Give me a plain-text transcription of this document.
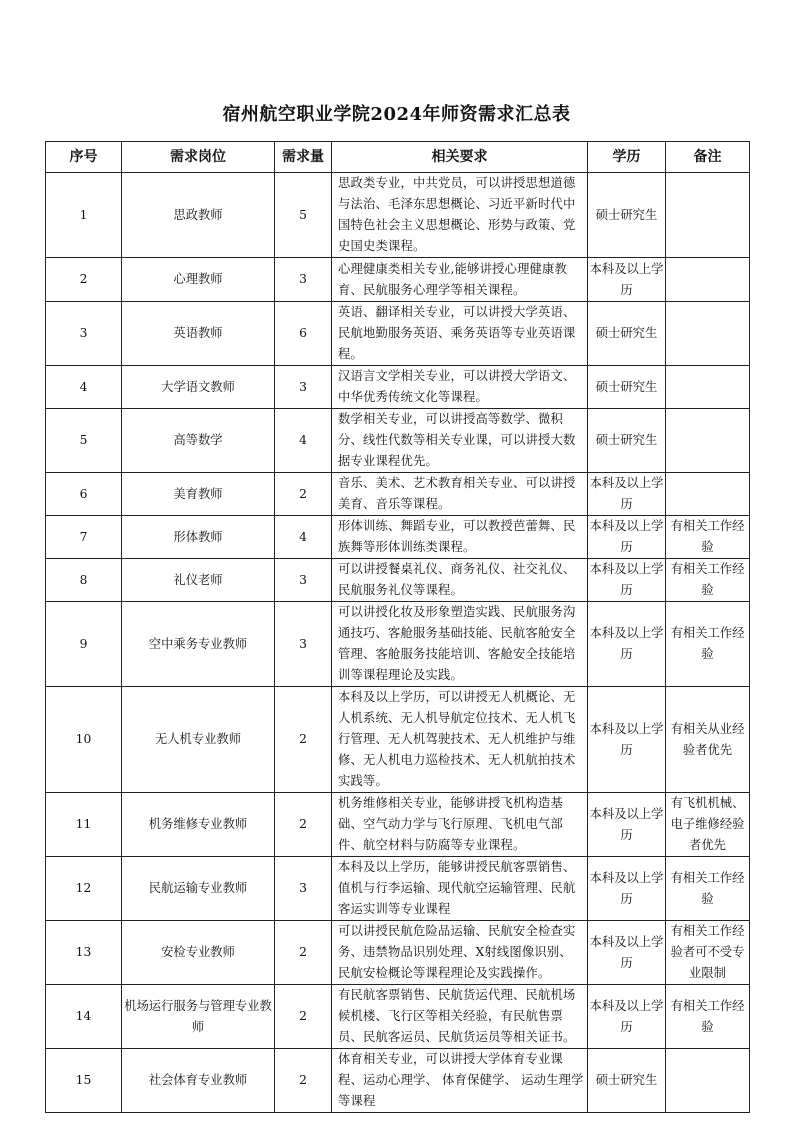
宿州航空职业学院2024年师资需求汇总表
序号	需求岗位	需求量	相关要求	学历	备注
1	思政教师	5	思政类专业，中共党员，可以讲授思想道德与法治、毛泽东思想概论、习近平新时代中国特色社会主义思想概论、形势与政策、党史国史类课程。	硕士研究生	
2	心理教师	3	心理健康类相关专业,能够讲授心理健康教育、民航服务心理学等相关课程。	本科及以上学历	
3	英语教师	6	英语、翻译相关专业，可以讲授大学英语、民航地勤服务英语、乘务英语等专业英语课程。	硕士研究生	
4	大学语文教师	3	汉语言文学相关专业，可以讲授大学语文、中华优秀传统文化等课程。	硕士研究生	
5	高等数学	4	数学相关专业，可以讲授高等数学、微积分、线性代数等相关专业课，可以讲授大数据专业课程优先。	硕士研究生	
6	美育教师	2	音乐、美术、艺术教育相关专业、可以讲授美育、音乐等课程。	本科及以上学历	
7	形体教师	4	形体训练、舞蹈专业，可以教授芭蕾舞、民族舞等形体训练类课程。	本科及以上学历	有相关工作经验
8	礼仪老师	3	可以讲授餐桌礼仪、商务礼仪、社交礼仪、民航服务礼仪等课程。	本科及以上学历	有相关工作经验
9	空中乘务专业教师	3	可以讲授化妆及形象塑造实践、民航服务沟通技巧、客舱服务基础技能、民航客舱安全管理、客舱服务技能培训、客舱安全技能培训等课程理论及实践。	本科及以上学历	有相关工作经验
10	无人机专业教师	2	本科及以上学历，可以讲授无人机概论、无人机系统、无人机导航定位技术、无人机飞行管理、无人机驾驶技术、无人机维护与维修、无人机电力巡检技术、无人机航拍技术实践等。	本科及以上学历	有相关从业经验者优先
11	机务维修专业教师	2	机务维修相关专业，能够讲授飞机构造基础、空气动力学与飞行原理、飞机电气部件、航空材料与防腐等专业课程。	本科及以上学历	有飞机机械、电子维修经验者优先
12	民航运输专业教师	3	本科及以上学历，能够讲授民航客票销售、值机与行李运输、现代航空运输管理、民航客运实训等专业课程	本科及以上学历	有相关工作经验
13	安检专业教师	2	可以讲授民航危险品运输、民航安全检查实务、违禁物品识别处理、X射线图像识别、民航安检概论等课程理论及实践操作。	本科及以上学历	有相关工作经验者可不受专业限制
14	机场运行服务与管理专业教师	2	有民航客票销售、民航货运代理、民航机场候机楼、飞行区等相关经验，有民航售票员、民航客运员、民航货运员等相关证书。	本科及以上学历	有相关工作经验
15	社会体育专业教师	2	体育相关专业，可以讲授大学体育专业课程、运动心理学、 体育保健学、 运动生理学等课程	硕士研究生	
